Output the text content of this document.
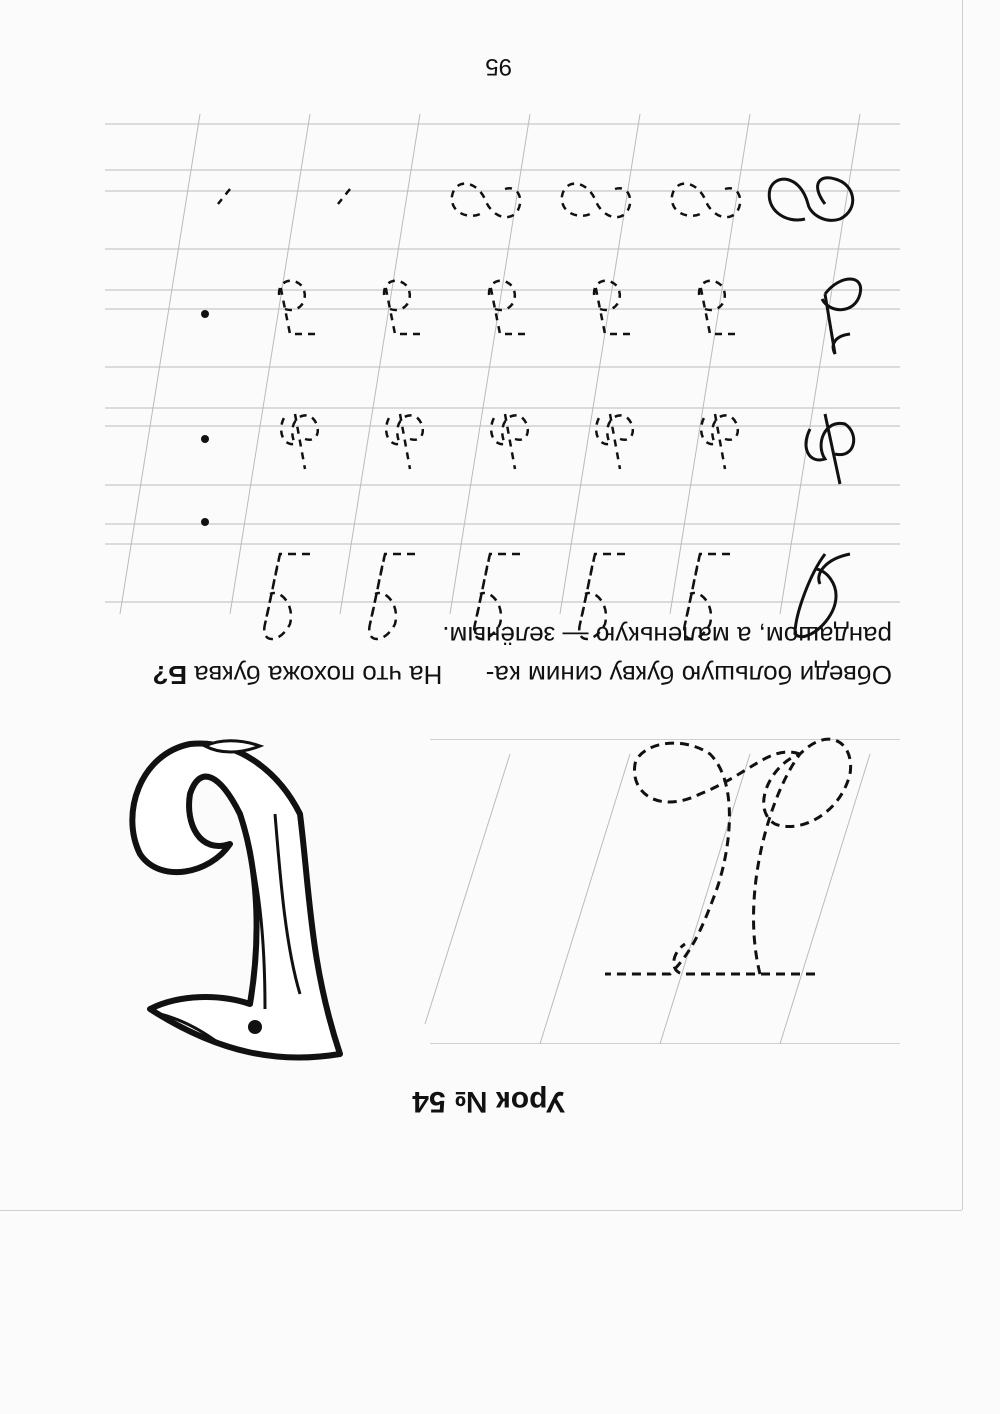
Урок № 54
Обведи большую букву синим ка-      На что похожа буква Б?
рандашом, а маленькую — зелёным.
95
